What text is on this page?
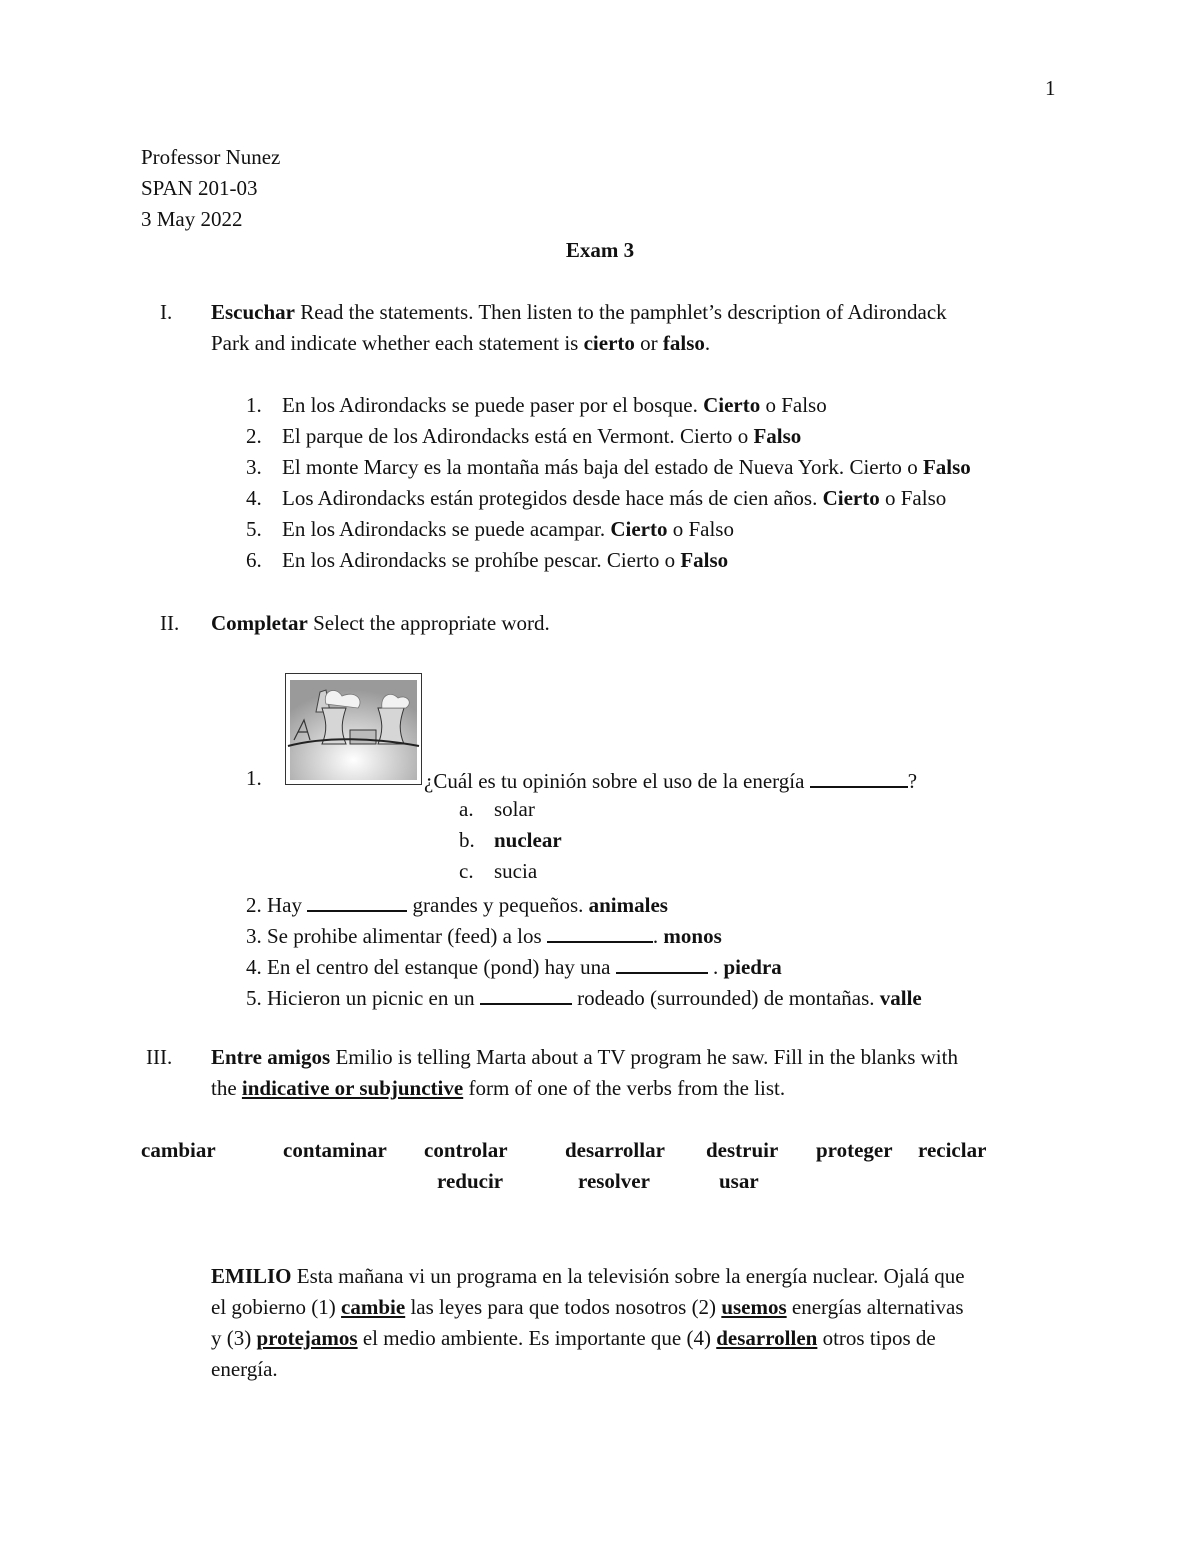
1
Professor Nunez
SPAN 201-03
3 May 2022
Exam 3
I. Escuchar Read the statements. Then listen to the pamphlet’s description of Adirondack
Park and indicate whether each statement is cierto or falso.
1. En los Adirondacks se puede paser por el bosque. Cierto o Falso
2. El parque de los Adirondacks está en Vermont. Cierto o Falso
3. El monte Marcy es la montaña más baja del estado de Nueva York. Cierto o Falso
4. Los Adirondacks están protegidos desde hace más de cien años. Cierto o Falso
5. En los Adirondacks se puede acampar. Cierto o Falso
6. En los Adirondacks se prohíbe pescar. Cierto o Falso
II. Completar Select the appropriate word.
1.	¿Cuál es tu opinión sobre el uso de la energía	?
a. solar
b. nuclear
c. sucia
2. Hay	grandes y pequeños. animales
3. Se prohibe alimentar (feed) a los	. monos
4. En el centro del estanque (pond) hay una	. piedra
5. Hicieron un picnic en un	rodeado (surrounded) de montañas. valle
III. Entre amigos Emilio is telling Marta about a TV program he saw. Fill in the blanks with
the indicative or subjunctive form of one of the verbs from the list.
cambiar	contaminar controlar	desarrollar destruir proteger reciclar
reducir	resolver	usar
EMILIO Esta mañana vi un programa en la televisión sobre la energía nuclear. Ojalá que
el gobierno (1) cambie las leyes para que todos nosotros (2) usemos energías alternativas
y (3) protejamos el medio ambiente. Es importante que (4) desarrollen otros tipos de
energía.
